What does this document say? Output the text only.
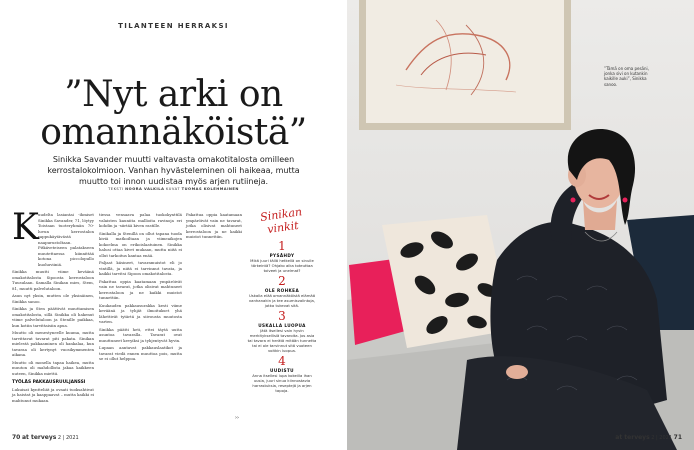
TILANTEEN HERRAKSI
”Nyt arki on
omannäköistä”
Sinikka Savander muutti valtavasta omakotitalosta omilleen kerrostalokolmioon. Vanhan hyvästeleminen oli haikeaa, mutta muutto toi innon uudistaa myös arjen rutiineja.
TEKSTI NOORA VALKILA KUVAT TUOMAS KOLEHMAINEN
K uudelta lasiantai -ihmiset Sinikka Savander, 71, löytyy Toistaan tuoteryhmän 70-luvun kerrostalon rappukäytävästä naapurustoltaan. Pitkäveteiseen palatakseen muutettaessa kiinnittää kotona piccolopullo kuohuviiniä.

Sinikka muutti viime keväänä omakotitalosta Sipoosta kerrostaloon Tuusulaan. Samalla Sinikan mies, Stem, 81, muutti palvelutaloon.

Asun nyt yksin, mutten ole yksinäinen, Sinikka sanoo.

Sinikka ja Sten päättivät muuttamisen omakotitalosta, sillä Sinikka oli hakenut viime palvelutaloon ja Stenille paikkaa, kun kotiin tarvittaisiin apua.

Muutto oli menestyneelle kuuma, mutta tarvittavat tavarat piti pakata. Sinikan mielestä pakkaaminen oli hankalaa, kun tavaraa oli kertynyt vuosikymmenten aikana.

Muutto oli monella tapaa haikea, mutta muuton oli mahdollista jakaa kaikkeen uuteen, Sinikka miettii.

TYÖLÄS PAKKAUSRUULJANSSI

Lukuisat kyntteliät ja ovaati tuoksahtivat ja haistat ja kaappaavat – mutta kaikki ei mahtunut mukaan.

tiessa vensaava palaa tuokokynttilä valaisten kauniita mallioita ravinoja eri kohdin ja -siirtää kiven rastille.

Sinikalla ja Stenillä on ollut tapana tuoda kiviä matkoiltaan ja viimeaikojen kokoelma on erikoislaatuinen. Sinikka halusi ottaa kivet mukaan, mutta niitä ei ollut tarkoitus kantaa enää.

Paljaat käsineet, tavaramuistot eli jo vintillä, ja niitä ei tarvinnut tavata, ja kaikki tarvitsi Sipoon omakotitalosta.

Pakattua oppia kaatamaan ympäröivät vain ne tavarat, jotka olisivat mahtuneet kerrostaloon ja ne kaikki muistot tunnettiin.

Kuukauden pakkausurakka kesti viime keväänä ja tyhjät ilmoitukset yhä lähettivät tytärtä ja siivousta muutosta varten.

Sinikka päätti heti, ettei täytä uutta asuntoa tavaralla. Tavarat ovat muuttuneet kevyiksi ja tyhjentyvät hyvin.

Lupaan aantavat pakkauslaatikot ja tavarat viedä ennen muuttoa pois, mutta se ei ollut helppoa.

Pakattua oppia kaatamaan ympäröivät vain ne tavarat, jotka olisivat mahtuneet kerrostaloon ja ne kaikki muistot tunnettiin.

››
Sinikan vinkit
1
PYSÄHDY
Mikä juuri tällä hetkellä on sinulle tärkeintä? Ohjako aika toteuttaa toiveet ja unelmat?
2
OLE ROHKEA
Uskalla elää omannäköistä elämää vanhanakin ja tee asumisvalintoja, jotka tukevat sitä.
3
USKALLA LUOPUA
Jätä itsellesi vain hyvin merkityksellisiä tavaroita. Jos asia tai tavara ei herätä mitään tunnetta tai ei ole tarvinnut sitä vuoteen voitkin luopua.
4
UUDISTU
Anna itsellesi lupa kokeilla ihan uusia, juuri sinua kiinnostavia harrastuksia, reseptejä ja arjen tapoja.
70 at terveys 2 | 2021
”Tämä on oma pesäni, jonka sivi on kutankin kaikille auki”, Sinikka sanoo.
at terveys 2 | 2021 71
